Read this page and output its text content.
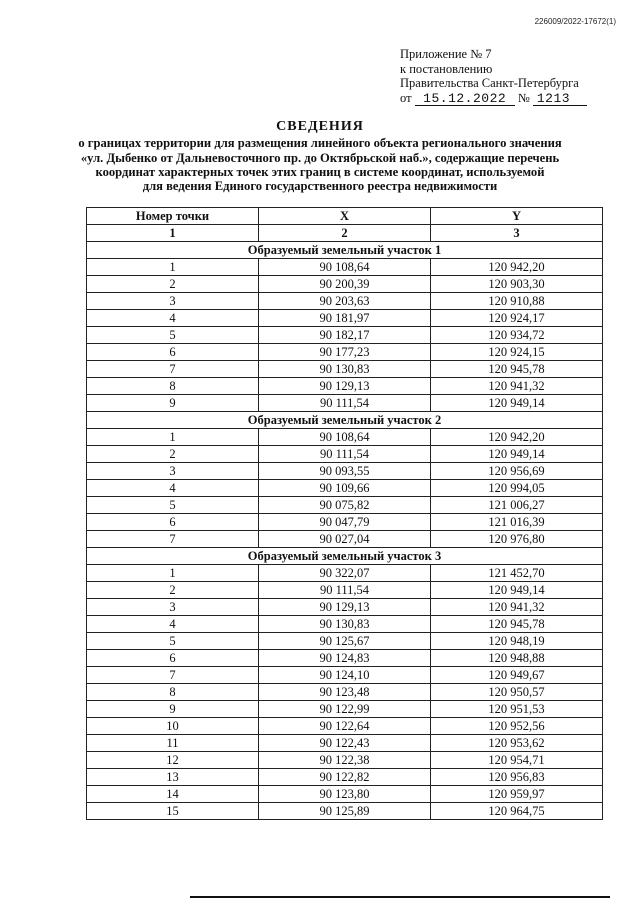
226009/2022-17672(1)
Приложение № 7
к постановлению
Правительства Санкт-Петербурга
от 15.12.2022 № 1213
СВЕДЕНИЯ
о границах территории для размещения линейного объекта регионального значения
«ул. Дыбенко от Дальневосточного пр. до Октябрьской наб.», содержащие перечень
координат характерных точек этих границ в системе координат, используемой
для ведения Единого государственного реестра недвижимости
Номер точки	X	Y
1	2	3
Образуемый земельный участок 1		
1	90 108,64	120 942,20
2	90 200,39	120 903,30
3	90 203,63	120 910,88
4	90 181,97	120 924,17
5	90 182,17	120 934,72
6	90 177,23	120 924,15
7	90 130,83	120 945,78
8	90 129,13	120 941,32
9	90 111,54	120 949,14
Образуемый земельный участок 2		
1	90 108,64	120 942,20
2	90 111,54	120 949,14
3	90 093,55	120 956,69
4	90 109,66	120 994,05
5	90 075,82	121 006,27
6	90 047,79	121 016,39
7	90 027,04	120 976,80
Образуемый земельный участок 3		
1	90 322,07	121 452,70
2	90 111,54	120 949,14
3	90 129,13	120 941,32
4	90 130,83	120 945,78
5	90 125,67	120 948,19
6	90 124,83	120 948,88
7	90 124,10	120 949,67
8	90 123,48	120 950,57
9	90 122,99	120 951,53
10	90 122,64	120 952,56
11	90 122,43	120 953,62
12	90 122,38	120 954,71
13	90 122,82	120 956,83
14	90 123,80	120 959,97
15	90 125,89	120 964,75
